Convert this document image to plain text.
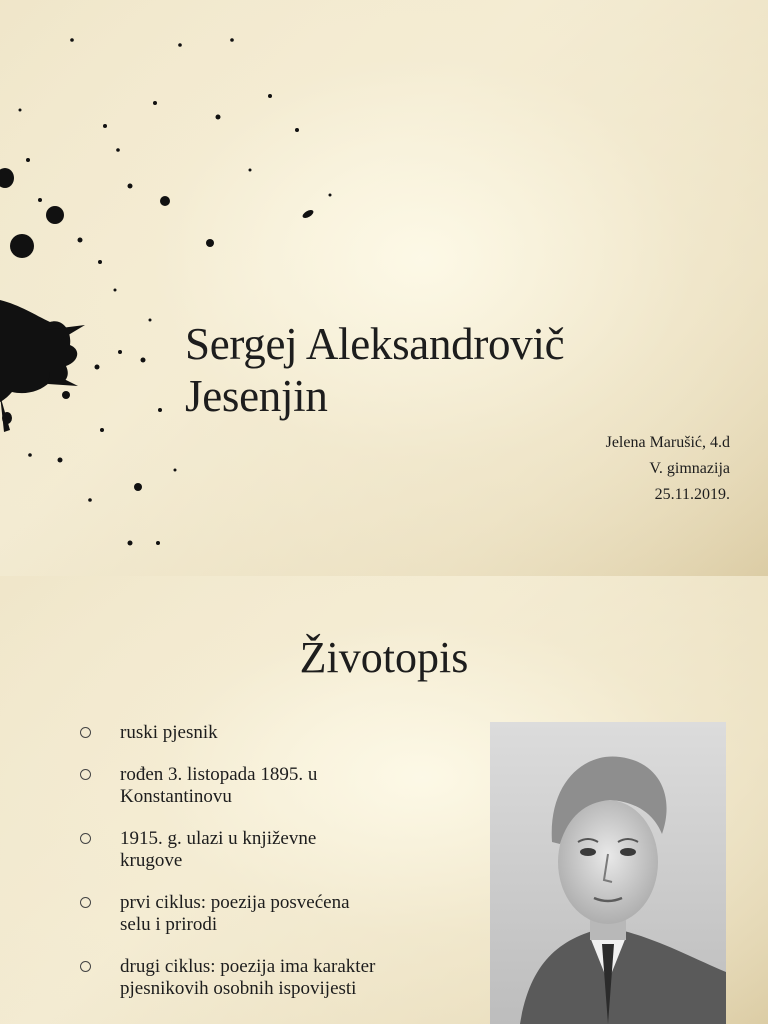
Sergej Aleksandrovič
Jesenjin
Jelena Marušić, 4.d
V. gimnazija
25.11.2019.
Životopis
ruski pjesnik
rođen 3. listopada 1895. u
Konstantinovu
1915. g. ulazi u književne
krugove
prvi ciklus: poezija posvećena
selu i prirodi
drugi ciklus: poezija ima karakter
pjesnikovih osobnih ispovijesti
